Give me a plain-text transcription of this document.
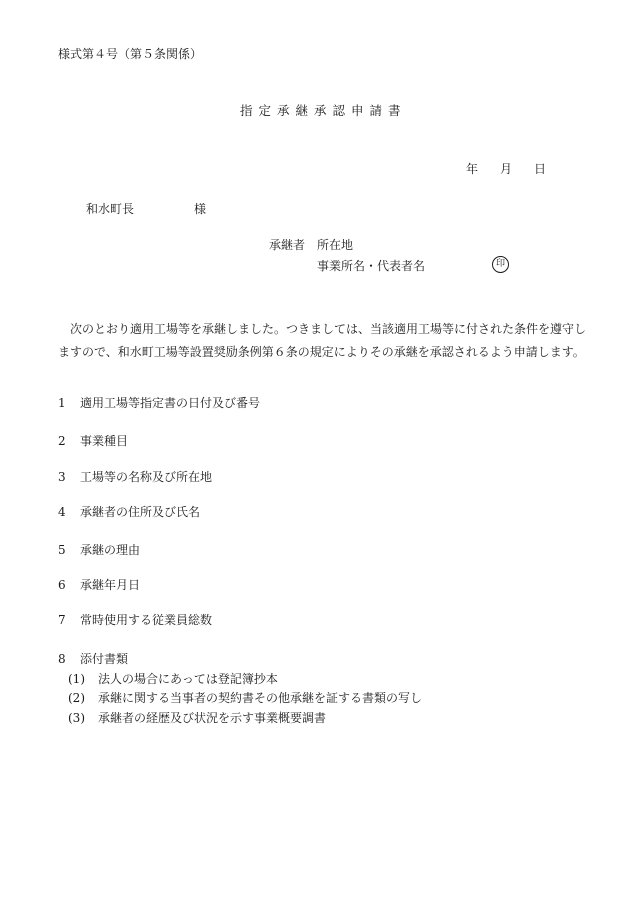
様式第４号（第５条関係）
指定承継承認申請書
年	月	日
和水町長	様
承継者 所在地
事業所名・代表者名	印
次のとおり適用工場等を承継しました。つきましては、当該適用工場等に付された条件を遵守しますので、和水町工場等設置奨励条例第６条の規定によりその承継を承認されるよう申請します。
1	適用工場等指定書の日付及び番号
2	事業種目
3	工場等の名称及び所在地
4	承継者の住所及び氏名
5	承継の理由
6	承継年月日
7	常時使用する従業員総数
8	添付書類
(1)	法人の場合にあっては登記簿抄本
(2)	承継に関する当事者の契約書その他承継を証する書類の写し
(3)	承継者の経歴及び状況を示す事業概要調書
